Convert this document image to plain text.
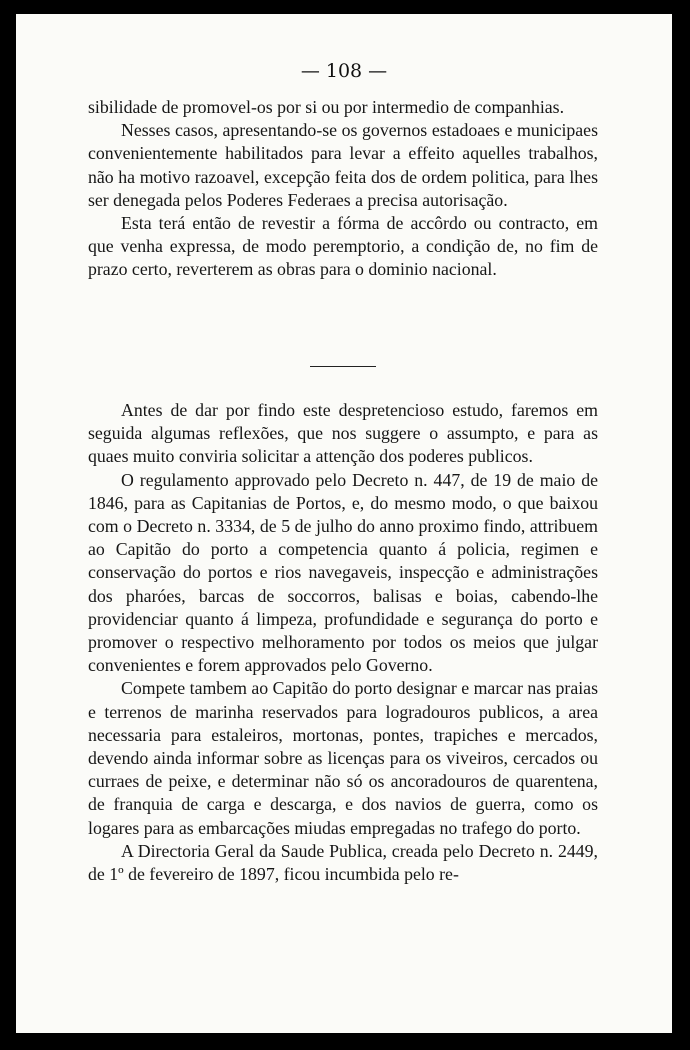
— 108 —

sibilidade de promovel-os por si ou por intermedio de companhias.

Nesses casos, apresentando-se os governos estadoaes e municipaes convenientemente habilitados para levar a effeito aquelles trabalhos, não ha motivo razoavel, excepção feita dos de ordem politica, para lhes ser denegada pelos Poderes Federaes a precisa autorisação.

Esta terá então de revestir a fórma de accôrdo ou contracto, em que venha expressa, de modo peremptorio, a condição de, no fim de prazo certo, reverterem as obras para o dominio nacional.

Antes de dar por findo este despretencioso estudo, faremos em seguida algumas reflexões, que nos suggere o assumpto, e para as quaes muito conviria solicitar a attenção dos poderes publicos.

O regulamento approvado pelo Decreto n. 447, de 19 de maio de 1846, para as Capitanias de Portos, e, do mesmo modo, o que baixou com o Decreto n. 3334, de 5 de julho do anno proximo findo, attribuem ao Capitão do porto a competencia quanto á policia, regimen e conservação do portos e rios navegaveis, inspecção e administrações dos pharóes, barcas de soccorros, balisas e boias, cabendo-lhe providenciar quanto á limpeza, profundidade e segurança do porto e promover o respectivo melhoramento por todos os meios que julgar convenientes e forem approvados pelo Governo.

Compete tambem ao Capitão do porto designar e marcar nas praias e terrenos de marinha reservados para logradouros publicos, a area necessaria para estaleiros, mortonas, pontes, trapiches e mercados, devendo ainda informar sobre as licenças para os viveiros, cercados ou curraes de peixe, e determinar não só os ancoradouros de quarentena, de franquia de carga e descarga, e dos navios de guerra, como os logares para as embarcações miudas empregadas no trafego do porto.

A Directoria Geral da Saude Publica, creada pelo Decreto n. 2449, de 1º de fevereiro de 1897, ficou incumbida pelo re-
